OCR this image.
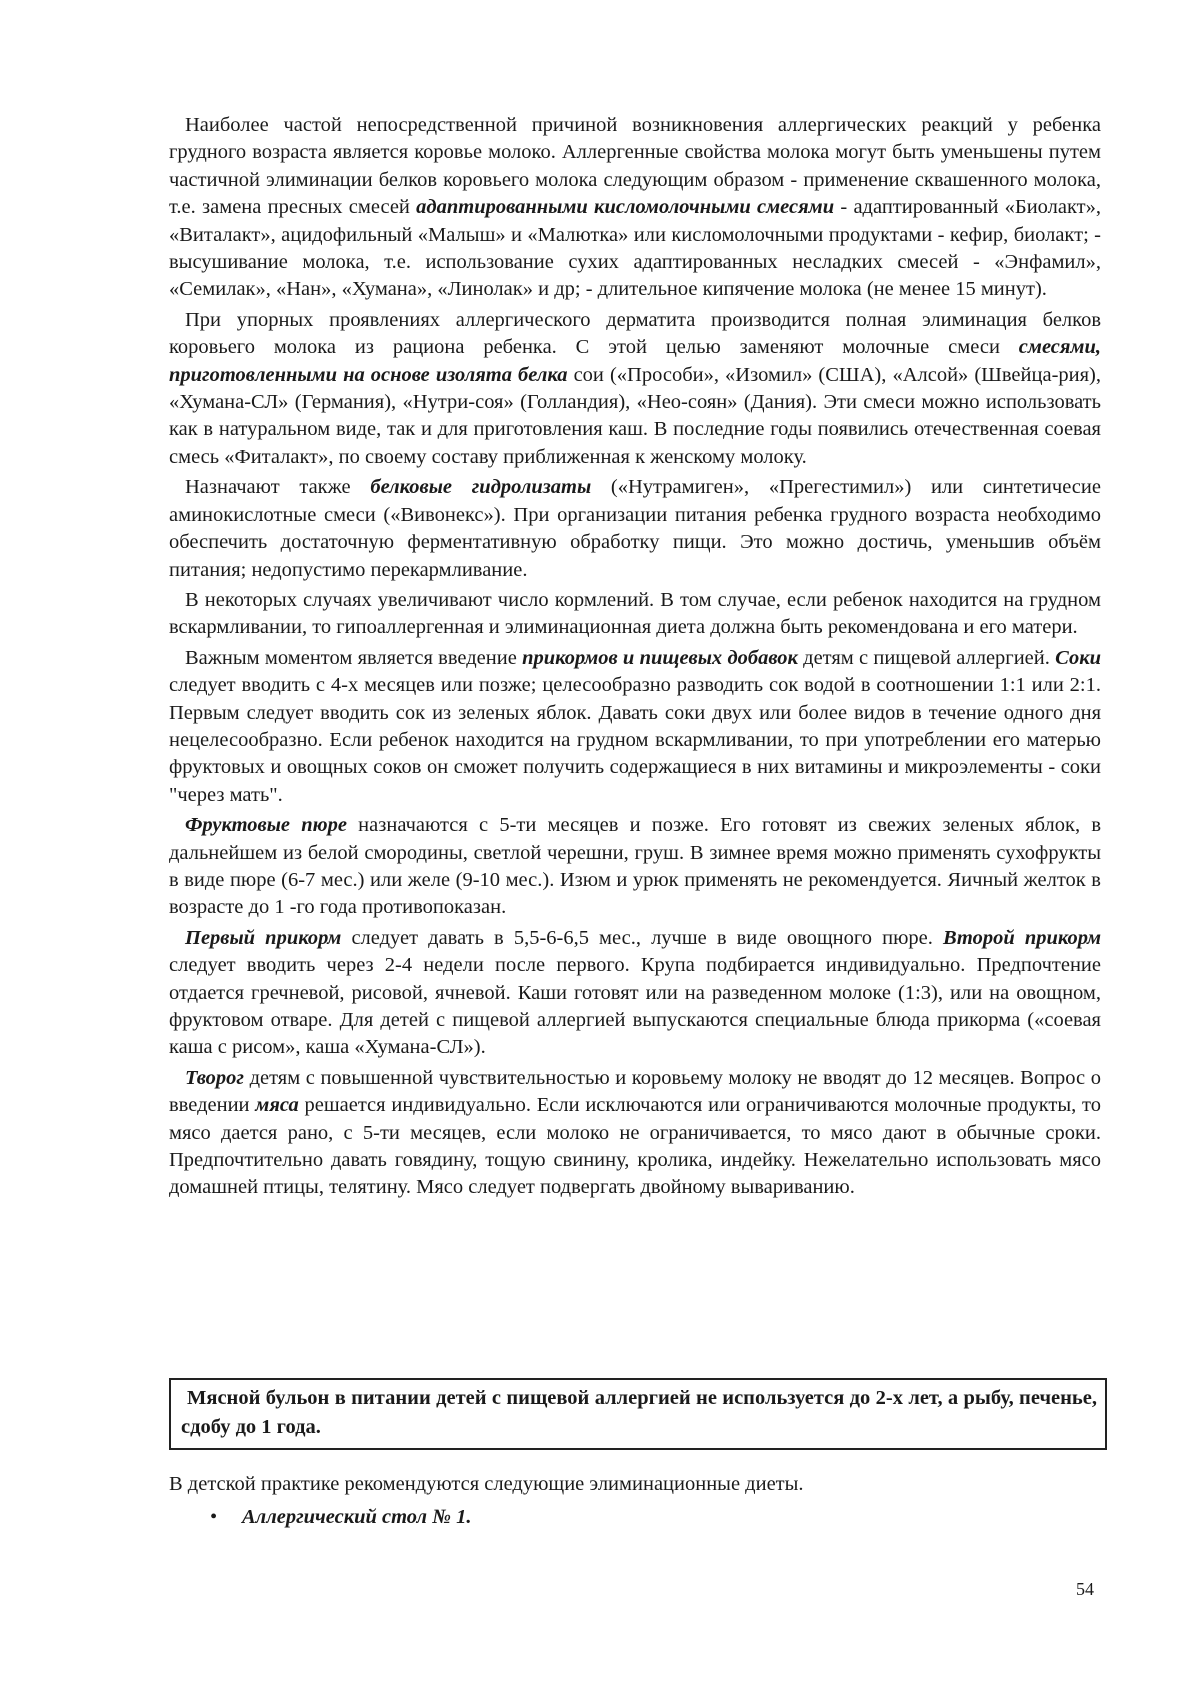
Наиболее частой непосредственной причиной возникновения аллергических реакций у ребенка грудного возраста является коровье молоко. Аллергенные свойства молока могут быть уменьшены путем частичной элиминации белков коровьего молока следующим образом - применение сквашенного молока, т.е. замена пресных смесей адаптированными кисломолочными смесями - адаптированный «Биолакт», «Виталакт», ацидофильный «Малыш» и «Малютка» или кисломолочными продуктами - кефир, биолакт; - высушивание молока, т.е. использование сухих адаптированных несладких смесей - «Энфамил», «Семилак», «Нан», «Хумана», «Линолак» и др; - длительное кипячение молока (не менее 15 минут).

При упорных проявлениях аллергического дерматита производится полная элиминация белков коровьего молока из рациона ребенка. С этой целью заменяют молочные смеси смесями, приготовленными на основе изолята белка сои («Прособи», «Изомил» (США), «Алсой» (Швейца-рия), «Хумана-СЛ» (Германия), «Нутри-соя» (Голландия), «Нео-соян» (Дания). Эти смеси можно использовать как в натуральном виде, так и для приготовления каш. В последние годы появились отечественная соевая смесь «Фиталакт», по своему составу приближенная к женскому молоку.

Назначают также белковые гидролизаты («Нутрамиген», «Прегестимил») или синтетичесие аминокислотные смеси («Вивонекс»). При организации питания ребенка грудного возраста необходимо обеспечить достаточную ферментативную обработку пищи. Это можно достичь, уменьшив объём питания; недопустимо перекармливание.

В некоторых случаях увеличивают число кормлений. В том случае, если ребенок находится на грудном вскармливании, то гипоаллергенная и элиминационная диета должна быть рекомендована и его матери.

Важным моментом является введение прикормов и пищевых добавок детям с пищевой аллергией. Соки следует вводить с 4-х месяцев или позже; целесообразно разводить сок водой в соотношении 1:1 или 2:1. Первым следует вводить сок из зеленых яблок. Давать соки двух или более видов в течение одного дня нецелесообразно. Если ребенок находится на грудном вскармливании, то при употреблении его матерью фруктовых и овощных соков он сможет получить содержащиеся в них витамины и микроэлементы - соки "через мать".

Фруктовые пюре назначаются с 5-ти месяцев и позже. Его готовят из свежих зеленых яблок, в дальнейшем из белой смородины, светлой черешни, груш. В зимнее время можно применять сухофрукты в виде пюре (6-7 мес.) или желе (9-10 мес.). Изюм и урюк применять не рекомендуется. Яичный желток в возрасте до 1 -го года противопоказан.

Первый прикорм следует давать в 5,5-6-6,5 мес., лучше в виде овощного пюре. Второй прикорм следует вводить через 2-4 недели после первого. Крупа подбирается индивидуально. Предпочтение отдается гречневой, рисовой, ячневой. Каши готовят или на разведенном молоке (1:3), или на овощном, фруктовом отваре. Для детей с пищевой аллергией выпускаются специальные блюда прикорма («соевая каша с рисом», каша «Хумана-СЛ»).

Творог детям с повышенной чувствительностью и коровьему молоку не вводят до 12 месяцев. Вопрос о введении мяса решается индивидуально. Если исключаются или ограничиваются молочные продукты, то мясо дается рано, с 5-ти месяцев, если молоко не ограничивается, то мясо дают в обычные сроки. Предпочтительно давать говядину, тощую свинину, кролика, индейку. Нежелательно использовать мясо домашней птицы, телятину. Мясо следует подвергать двойному вывариванию.

Мясной бульон в питании детей с пищевой аллергией не используется до 2-х лет, а рыбу, печенье, сдобу до 1 года.

В детской практике рекомендуются следующие элиминационные диеты.

• Аллергический стол № 1.
54
